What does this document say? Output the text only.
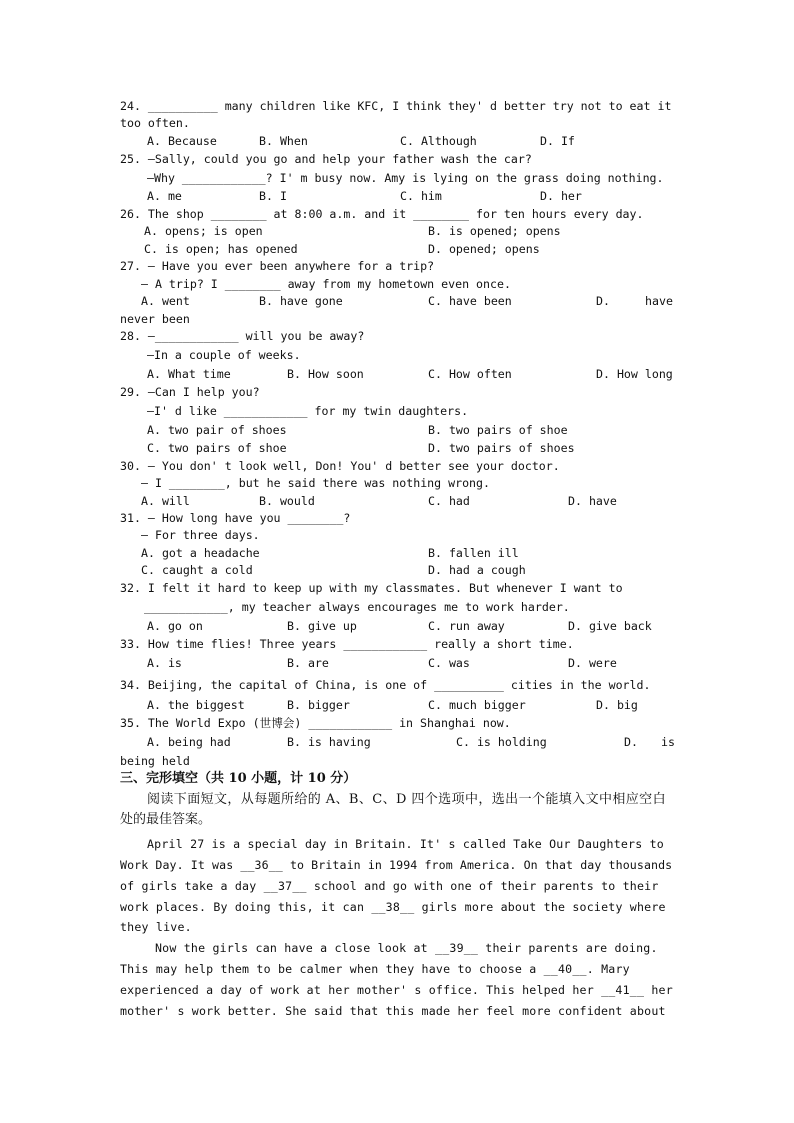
24. __________ many children like KFC, I think they' d better try not to eat it
too often.
A. Because	B. When	C. Although	D. If
25. —Sally, could you go and help your father wash the car?
—Why ____________? I' m busy now. Amy is lying on the grass doing nothing.
A. me	B. I	C. him	D. her
26. The shop ________ at 8:00 a.m. and it ________ for ten hours every day.
A. opens; is open	B. is opened; opens
C. is open; has opened	D. opened; opens
27. — Have you ever been anywhere for a trip?
— A trip? I ________ away from my hometown even once.
A. went	B. have gone	C. have been	D.	have
never been
28. —____________ will you be away?
—In a couple of weeks.
A. What time	B. How soon	C. How often	D. How long
29. —Can I help you?
—I' d like ____________ for my twin daughters.
A. two pair of shoes	B. two pairs of shoe
C. two pairs of shoe	D. two pairs of shoes
30. — You don' t look well, Don! You' d better see your doctor.
— I ________, but he said there was nothing wrong.
A. will	B. would	C. had	D. have
31. — How long have you ________?
— For three days.
A. got a headache	B. fallen ill
C. caught a cold	D. had a cough
32. I felt it hard to keep up with my classmates. But whenever I want to
____________, my teacher always encourages me to work harder.
A. go on	B. give up	C. run away	D. give back
33. How time flies! Three years ____________ really a short time.
A. is	B. are	C. was	D. were
34. Beijing, the capital of China, is one of __________ cities in the world.
A. the biggest	B. bigger	C. much bigger	D. big
35. The World Expo (世博会) ____________ in Shanghai now.
A. being had	B. is having	C. is holding	D. is
being held
三、完形填空（共 10 小题，计 10 分）
阅读下面短文，从每题所给的 A、B、C、D 四个选项中，选出一个能填入文中相应空白
处的最佳答案。
April 27 is a special day in Britain. It' s called Take Our Daughters to
Work Day. It was __36__ to Britain in 1994 from America. On that day thousands
of girls take a day __37__ school and go with one of their parents to their
work places. By doing this, it can __38__ girls more about the society where
they live.
Now the girls can have a close look at __39__ their parents are doing.
This may help them to be calmer when they have to choose a __40__. Mary
experienced a day of work at her mother' s office. This helped her __41__ her
mother' s work better. She said that this made her feel more confident about
